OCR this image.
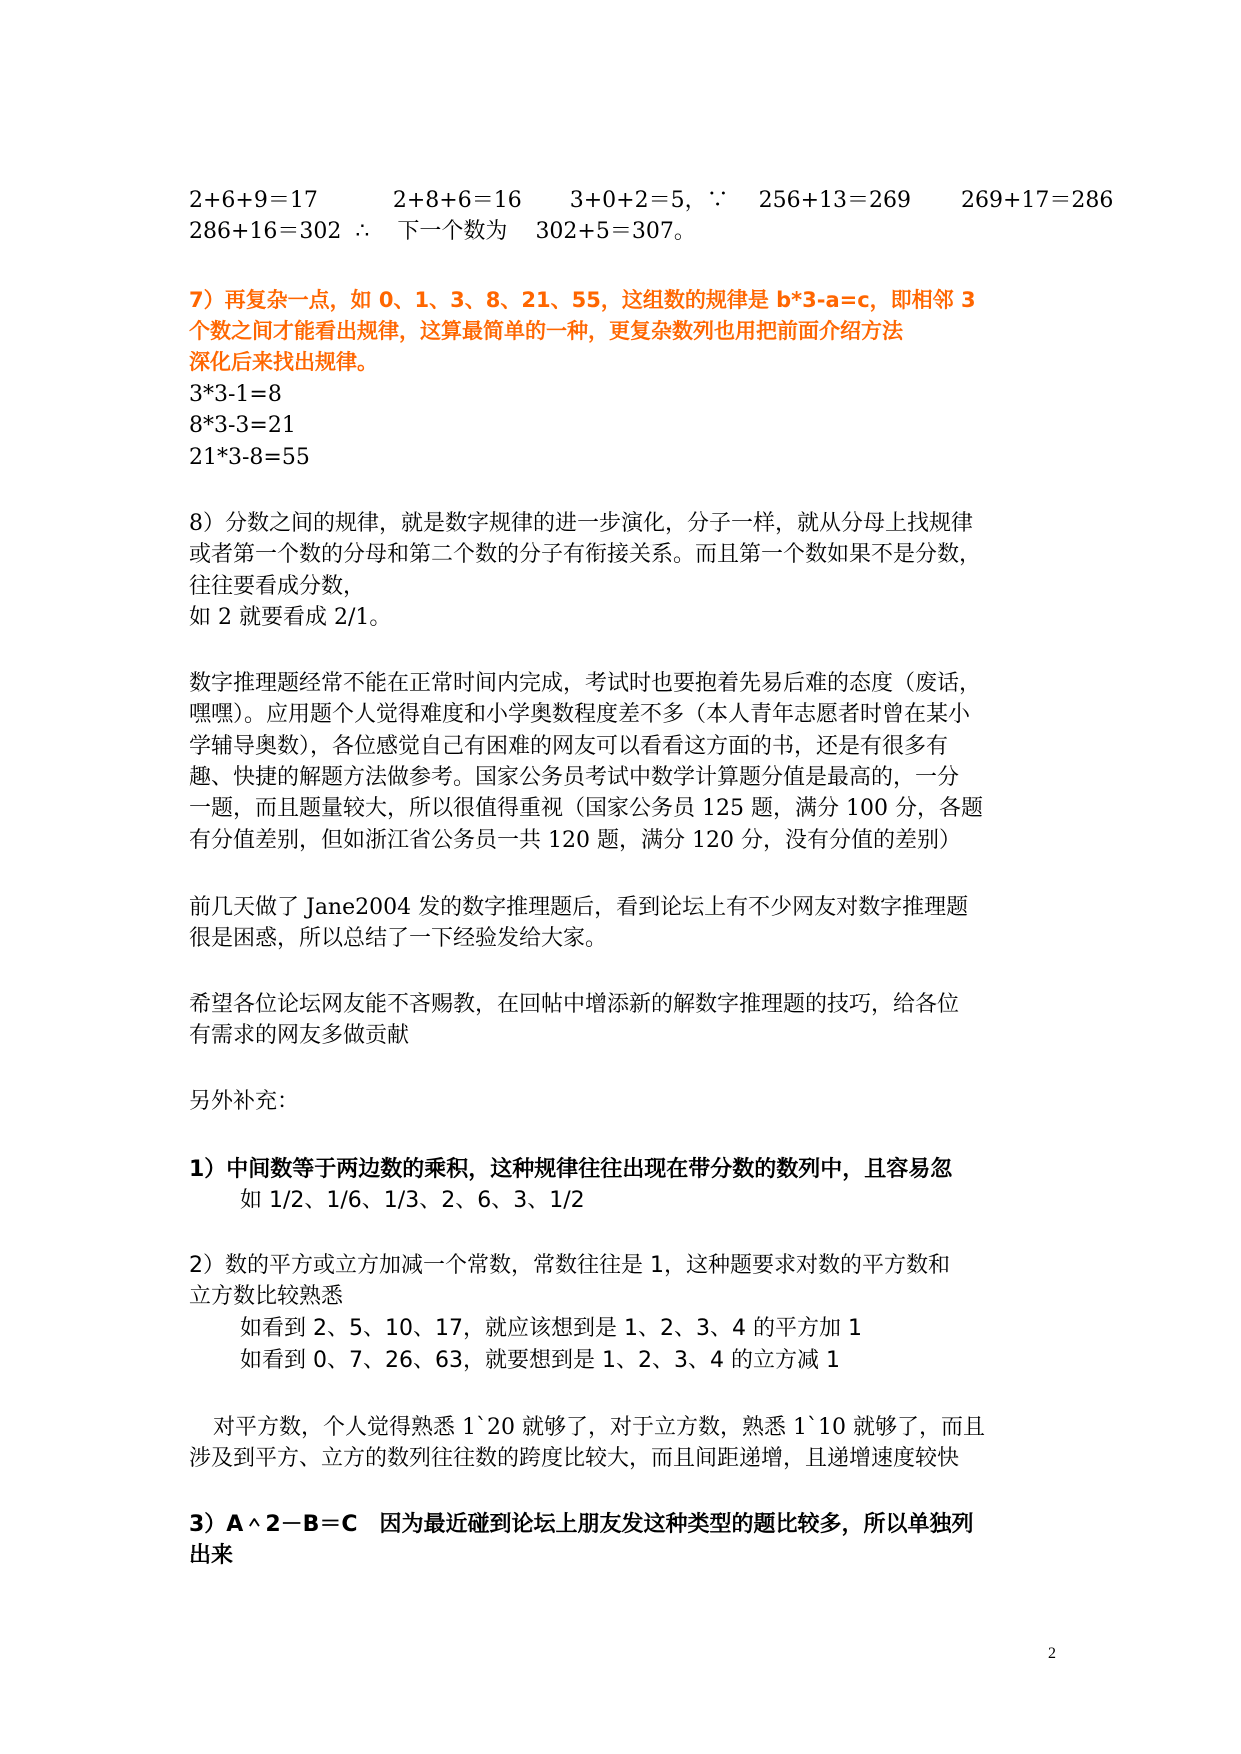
2+6+9＝17	2+8+6＝16 3+0+2＝5，∵ 256+13＝269 269+17＝286
286+16＝302 ∴ 下一个数为 302+5＝307。
7）再复杂一点，如 0、1、3、8、21、55，这组数的规律是 b*3-a=c，即相邻 3
个数之间才能看出规律，这算最简单的一种，更复杂数列也用把前面介绍方法
深化后来找出规律。
3*3-1=8
8*3-3=21
21*3-8=55
8）分数之间的规律，就是数字规律的进一步演化，分子一样，就从分母上找规律
或者第一个数的分母和第二个数的分子有衔接关系。而且第一个数如果不是分数，
往往要看成分数，
如 2 就要看成 2/1。
数字推理题经常不能在正常时间内完成，考试时也要抱着先易后难的态度（废话，
嘿嘿）。应用题个人觉得难度和小学奥数程度差不多（本人青年志愿者时曾在某小
学辅导奥数），各位感觉自己有困难的网友可以看看这方面的书，还是有很多有
趣、快捷的解题方法做参考。国家公务员考试中数学计算题分值是最高的，一分
一题，而且题量较大，所以很值得重视（国家公务员 125 题，满分 100 分，各题
有分值差别，但如浙江省公务员一共 120 题，满分 120 分，没有分值的差别）
前几天做了 Jane2004 发的数字推理题后，看到论坛上有不少网友对数字推理题
很是困惑，所以总结了一下经验发给大家。
希望各位论坛网友能不吝赐教，在回帖中增添新的解数字推理题的技巧，给各位
有需求的网友多做贡献
另外补充：
1）中间数等于两边数的乘积，这种规律往往出现在带分数的数列中，且容易忽
如 1/2、1/6、1/3、2、6、3、1/2
2）数的平方或立方加减一个常数，常数往往是 1，这种题要求对数的平方数和
立方数比较熟悉
如看到 2、5、10、17，就应该想到是 1、2、3、4 的平方加 1
如看到 0、7、26、63，就要想到是 1、2、3、4 的立方减 1
对平方数，个人觉得熟悉 1`20 就够了，对于立方数，熟悉 1`10 就够了，而且
涉及到平方、立方的数列往往数的跨度比较大，而且间距递增，且递增速度较快
3）A＾2－B＝C　因为最近碰到论坛上朋友发这种类型的题比较多，所以单独列
出来
2
